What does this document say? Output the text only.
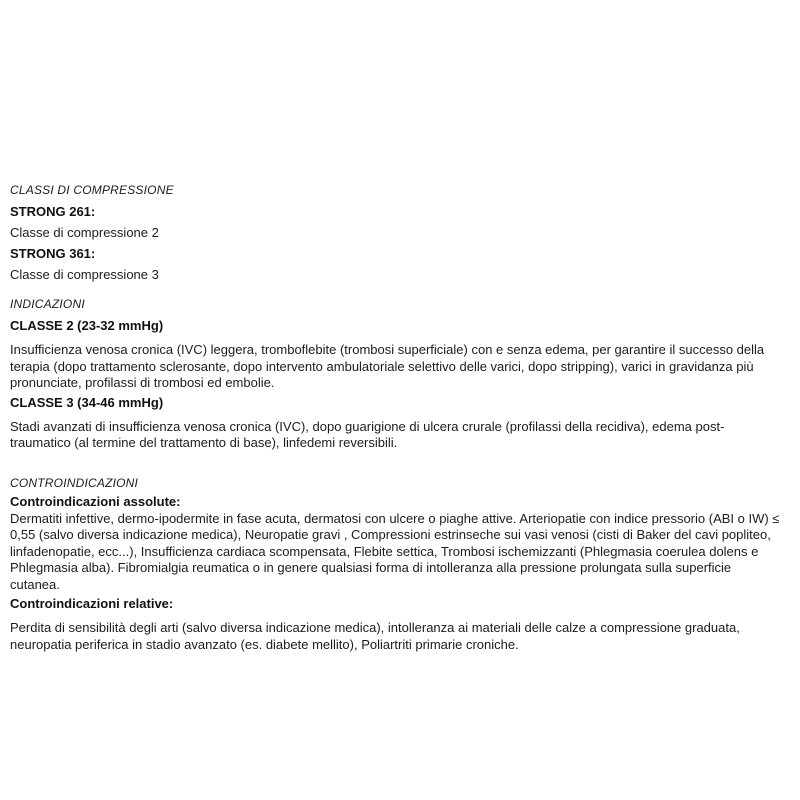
CLASSI DI COMPRESSIONE

STRONG 261:

Classe di compressione 2

STRONG 361:

Classe di compressione 3

INDICAZIONI

CLASSE 2 (23-32 mmHg)

Insufficienza venosa cronica (IVC) leggera, tromboflebite (trombosi superficiale) con e senza edema, per garantire il successo della terapia (dopo trattamento sclerosante, dopo intervento ambulatoriale selettivo delle varici, dopo stripping), varici in gravidanza più pronunciate, profilassi di trombosi ed embolie.

CLASSE 3 (34-46 mmHg)

Stadi avanzati di insufficienza venosa cronica (IVC), dopo guarigione di ulcera crurale (profilassi della recidiva), edema post-traumatico (al termine del trattamento di base), linfedemi reversibili.

CONTROINDICAZIONI

Controindicazioni assolute:

Dermatiti infettive, dermo-ipodermite in fase acuta, dermatosi con ulcere o piaghe attive. Arteriopatie con indice pressorio (ABI o IW) ≤ 0,55 (salvo diversa indicazione medica), Neuropatie gravi , Compressioni estrinseche sui vasi venosi (cisti di Baker del cavi popliteo, linfadenopatie, ecc...), Insufficienza cardiaca scompensata, Flebite settica, Trombosi ischemizzanti (Phlegmasia coerulea dolens e Phlegmasia alba). Fibromialgia reumatica o in genere qualsiasi forma di intolleranza alla pressione prolungata sulla superficie cutanea.

Controindicazioni relative:

Perdita di sensibilità degli arti (salvo diversa indicazione medica), intolleranza ai materiali delle calze a compressione graduata, neuropatia periferica in stadio avanzato (es. diabete mellito), Poliartriti primarie croniche.
